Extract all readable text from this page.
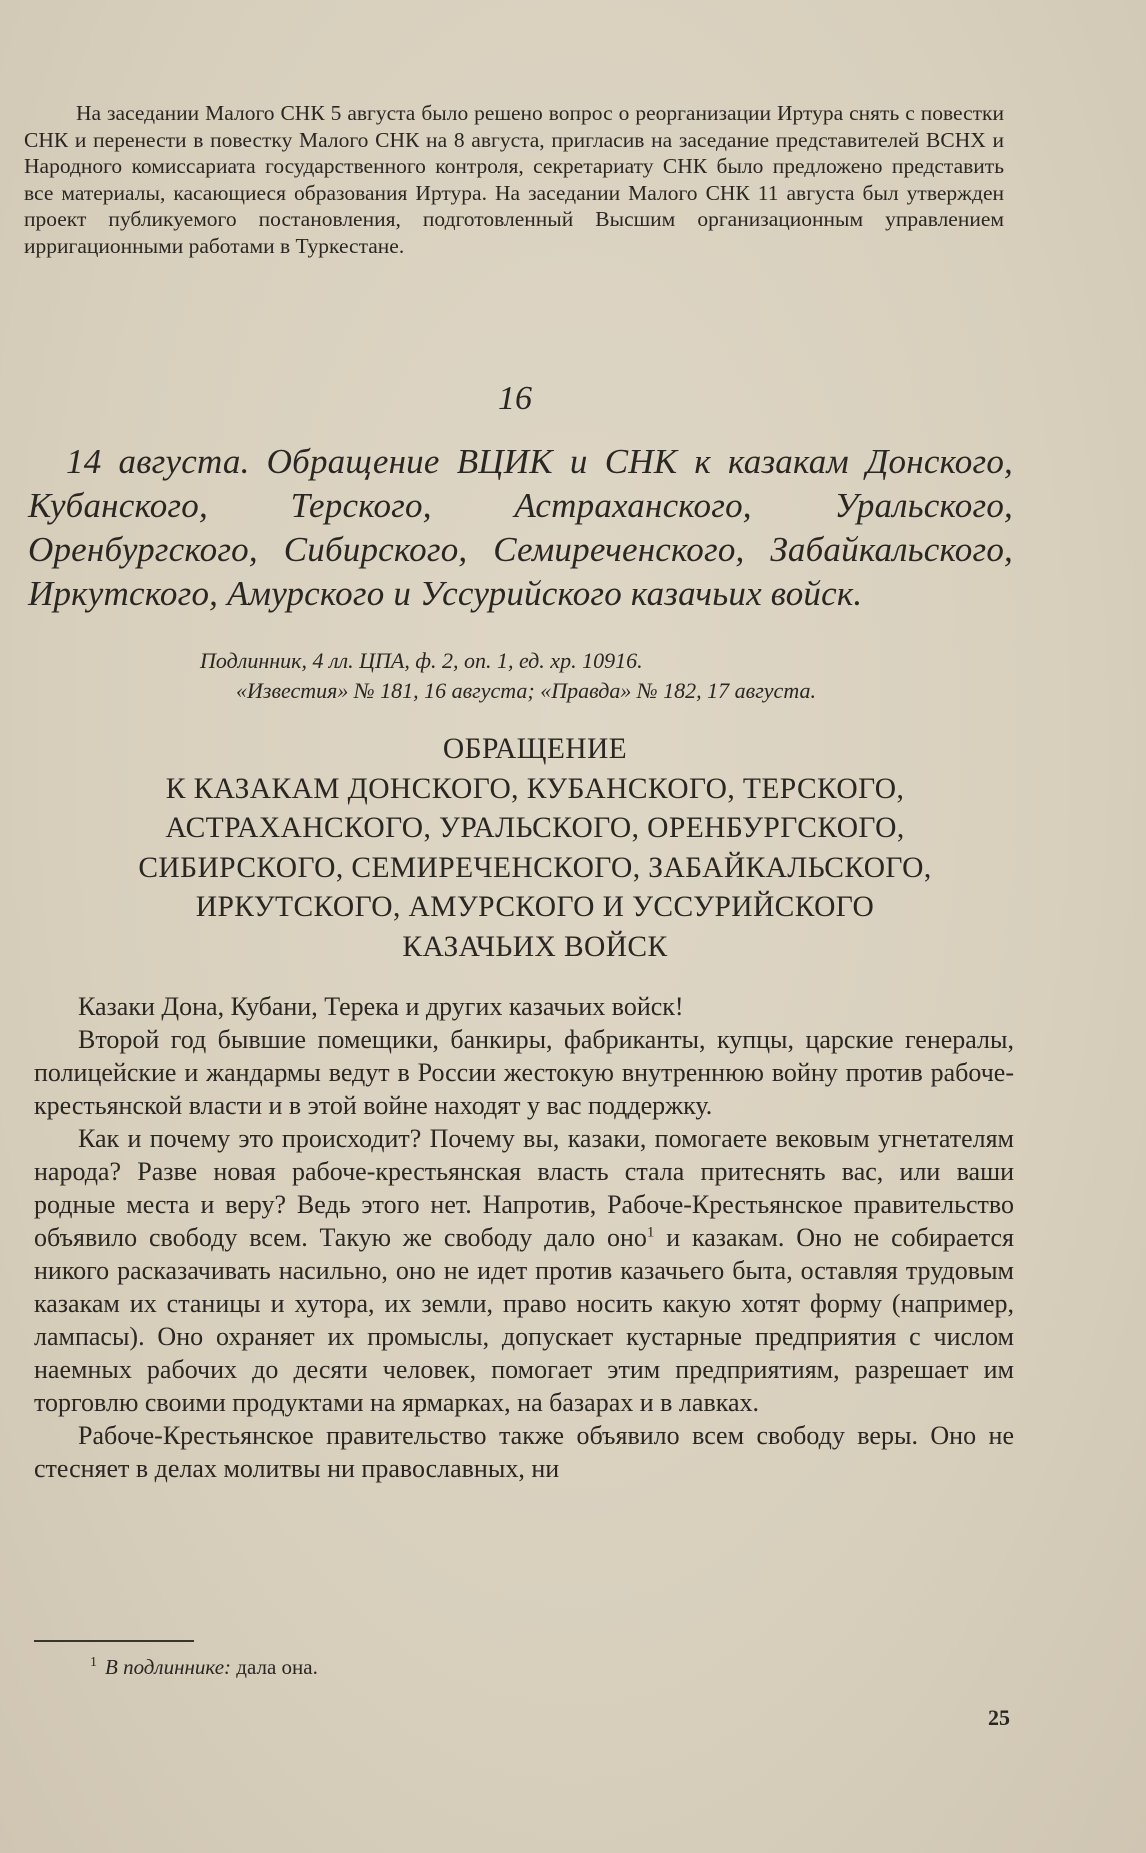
На заседании Малого СНК 5 августа было решено вопрос о реорганизации Иртура снять с повестки СНК и перенести в повестку Малого СНК на 8 августа, пригласив на заседание представителей ВСНХ и Народного комиссариата государственного контроля, секретариату СНК было предложено представить все материалы, касающиеся образования Иртура. На заседании Малого СНК 11 августа был утвержден проект публикуемого постановления, подготовленный Высшим организационным управлением ирригационными работами в Туркестане.

16

14 августа. Обращение ВЦИК и СНК к казакам Донского, Кубанского, Терского, Астраханского, Уральского, Оренбургского, Сибирского, Семиреченского, Забайкальского, Иркутского, Амурского и Уссурийского казачьих войск.

Подлинник, 4 лл. ЦПА, ф. 2, оп. 1, ед. хр. 10916.
«Известия» № 181, 16 августа; «Правда» № 182, 17 августа.
ОБРАЩЕНИЕ
К КАЗАКАМ ДОНСКОГО, КУБАНСКОГО, ТЕРСКОГО,
АСТРАХАНСКОГО, УРАЛЬСКОГО, ОРЕНБУРГСКОГО,
СИБИРСКОГО, СЕМИРЕЧЕНСКОГО, ЗАБАЙКАЛЬСКОГО,
ИРКУТСКОГО, АМУРСКОГО И УССУРИЙСКОГО
КАЗАЧЬИХ ВОЙСК

Казаки Дона, Кубани, Терека и других казачьих войск!

Второй год бывшие помещики, банкиры, фабриканты, купцы, царские генералы, полицейские и жандармы ведут в России жестокую внутреннюю войну против рабоче-крестьянской власти и в этой войне находят у вас поддержку.

Как и почему это происходит? Почему вы, казаки, помогаете вековым угнетателям народа? Разве новая рабоче-крестьянская власть стала притеснять вас, или ваши родные места и веру? Ведь этого нет. Напротив, Рабоче-Крестьянское правительство объявило свободу всем. Такую же свободу дало оно$^1$ и казакам. Оно не собирается никого расказачивать насильно, оно не идет против казачьего быта, оставляя трудовым казакам их станицы и хутора, их земли, право носить какую хотят форму (например, лампасы). Оно охраняет их промыслы, допускает кустарные предприятия с числом наемных рабочих до десяти человек, помогает этим предприятиям, разрешает им торговлю своими продуктами на ярмарках, на базарах и в лавках.

Рабоче-Крестьянское правительство также объявило всем свободу веры. Оно не стесняет в делах молитвы ни православных, ни

$^1$ В подлиннике: дала она.

25
